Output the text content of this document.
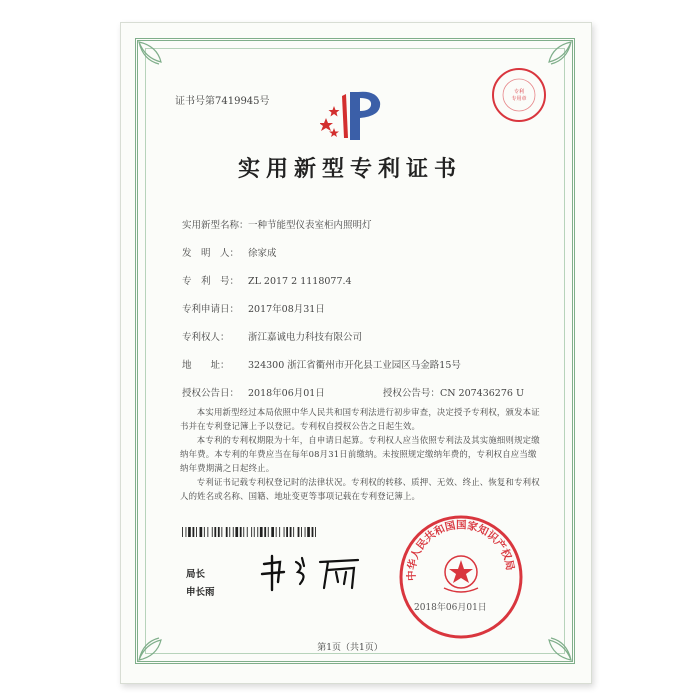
证书号第7419945号
专利
专用章
实用新型专利证书
实用新型名称：一种节能型仪表室柜内照明灯
发　明　人： 徐家成
专　利　号： ZL 2017 2 1118077.4
专利申请日： 2017年08月31日
专利权人： 浙江嘉诚电力科技有限公司
地　　址： 324300 浙江省衢州市开化县工业园区马金路15号
授权公告日： 2018年06月01日	授权公告号：CN 207436276 U
本实用新型经过本局依照中华人民共和国专利法进行初步审查，决定授予专利权，颁发本证书并在专利登记簿上予以登记。专利权自授权公告之日起生效。
本专利的专利权期限为十年，自申请日起算。专利权人应当依照专利法及其实施细则规定缴纳年费。本专利的年费应当在每年08月31日前缴纳。未按照规定缴纳年费的，专利权自应当缴纳年费期满之日起终止。
专利证书记载专利权登记时的法律状况。专利权的转移、质押、无效、终止、恢复和专利权人的姓名或名称、国籍、地址变更等事项记载在专利登记簿上。
局长
申长雨
中华人民共和国国家知识产权局
2018年06月01日
第1页（共1页）
